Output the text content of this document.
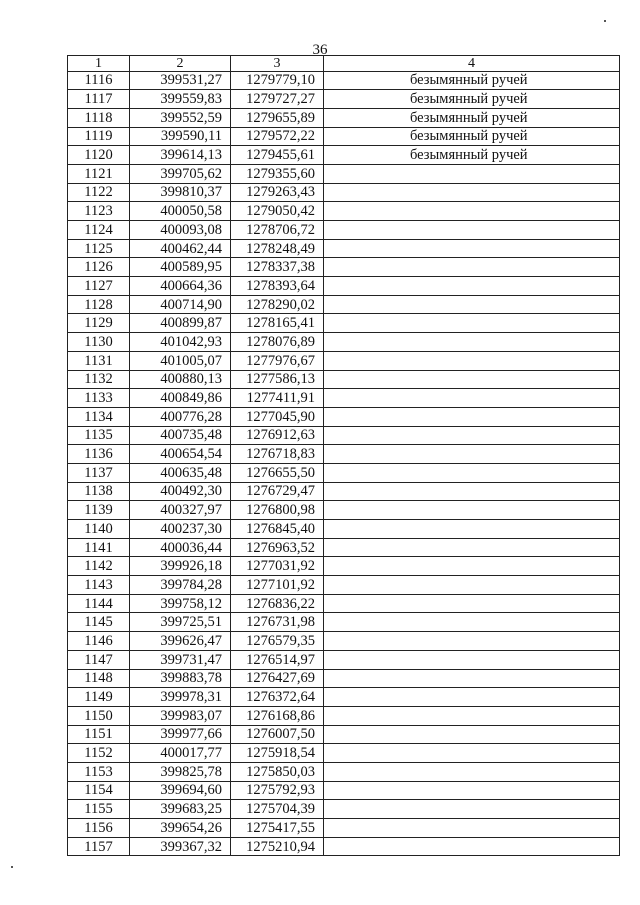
36
1	2	3	4
1116	399531,27	1279779,10	безымянный ручей
1117	399559,83	1279727,27	безымянный ручей
1118	399552,59	1279655,89	безымянный ручей
1119	399590,11	1279572,22	безымянный ручей
1120	399614,13	1279455,61	безымянный ручей
1121	399705,62	1279355,60	
1122	399810,37	1279263,43	
1123	400050,58	1279050,42	
1124	400093,08	1278706,72	
1125	400462,44	1278248,49	
1126	400589,95	1278337,38	
1127	400664,36	1278393,64	
1128	400714,90	1278290,02	
1129	400899,87	1278165,41	
1130	401042,93	1278076,89	
1131	401005,07	1277976,67	
1132	400880,13	1277586,13	
1133	400849,86	1277411,91	
1134	400776,28	1277045,90	
1135	400735,48	1276912,63	
1136	400654,54	1276718,83	
1137	400635,48	1276655,50	
1138	400492,30	1276729,47	
1139	400327,97	1276800,98	
1140	400237,30	1276845,40	
1141	400036,44	1276963,52	
1142	399926,18	1277031,92	
1143	399784,28	1277101,92	
1144	399758,12	1276836,22	
1145	399725,51	1276731,98	
1146	399626,47	1276579,35	
1147	399731,47	1276514,97	
1148	399883,78	1276427,69	
1149	399978,31	1276372,64	
1150	399983,07	1276168,86	
1151	399977,66	1276007,50	
1152	400017,77	1275918,54	
1153	399825,78	1275850,03	
1154	399694,60	1275792,93	
1155	399683,25	1275704,39	
1156	399654,26	1275417,55	
1157	399367,32	1275210,94	
